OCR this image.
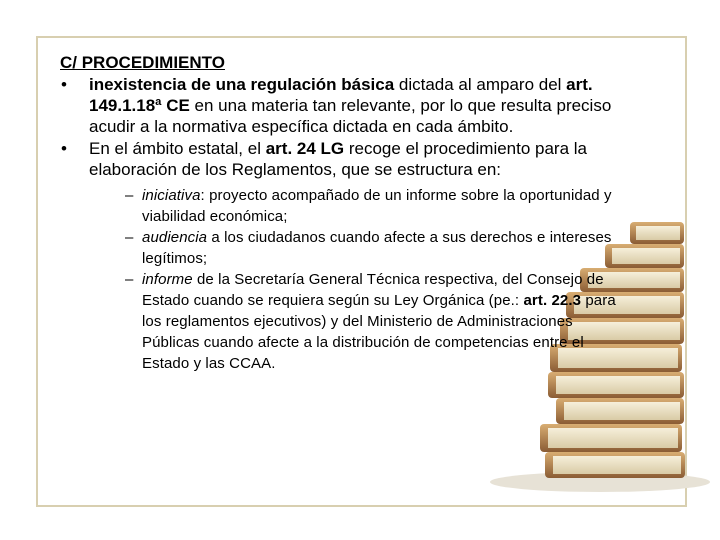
C/ PROCEDIMIENTO

• inexistencia de una regulación básica dictada al amparo del art. 149.1.18ª CE en una materia tan relevante, por lo que resulta preciso acudir a la normativa específica dictada en cada ámbito.
• En el ámbito estatal, el art. 24 LG recoge el procedimiento para la elaboración de los Reglamentos, que se estructura en:
– iniciativa: proyecto acompañado de un informe sobre la oportunidad y viabilidad económica;
– audiencia a los ciudadanos cuando afecte a sus derechos e intereses legítimos;
– informe de la Secretaría General Técnica respectiva, del Consejo de Estado cuando se requiera según su Ley Orgánica (pe.: art. 22.3 para los reglamentos ejecutivos) y del Ministerio de Administraciones Públicas cuando afecte a la distribución de competencias entre el Estado y las CCAA.
